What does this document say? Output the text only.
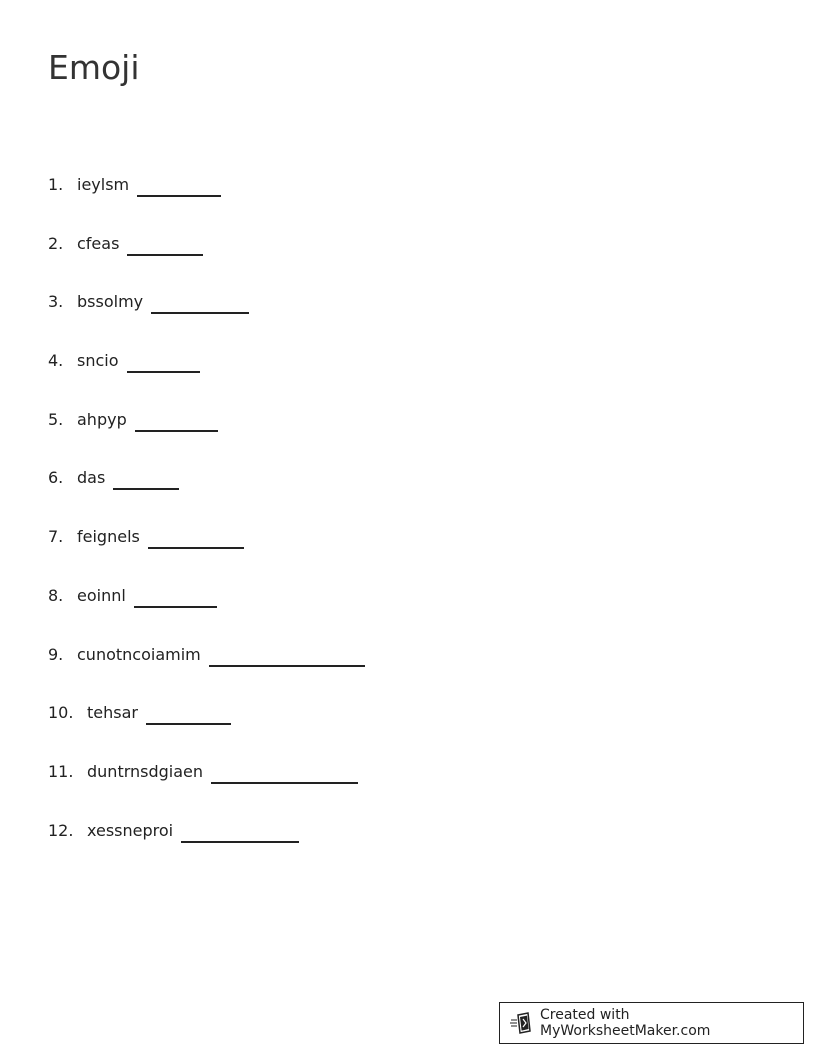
Emoji
1. ieylsm
2. cfeas
3. bssolmy
4. sncio
5. ahpyp
6. das
7. feignels
8. eoinnl
9. cunotncoiamim
10. tehsar
11. duntrnsdgiaen
12. xessneproi
Created with MyWorksheetMaker.com
